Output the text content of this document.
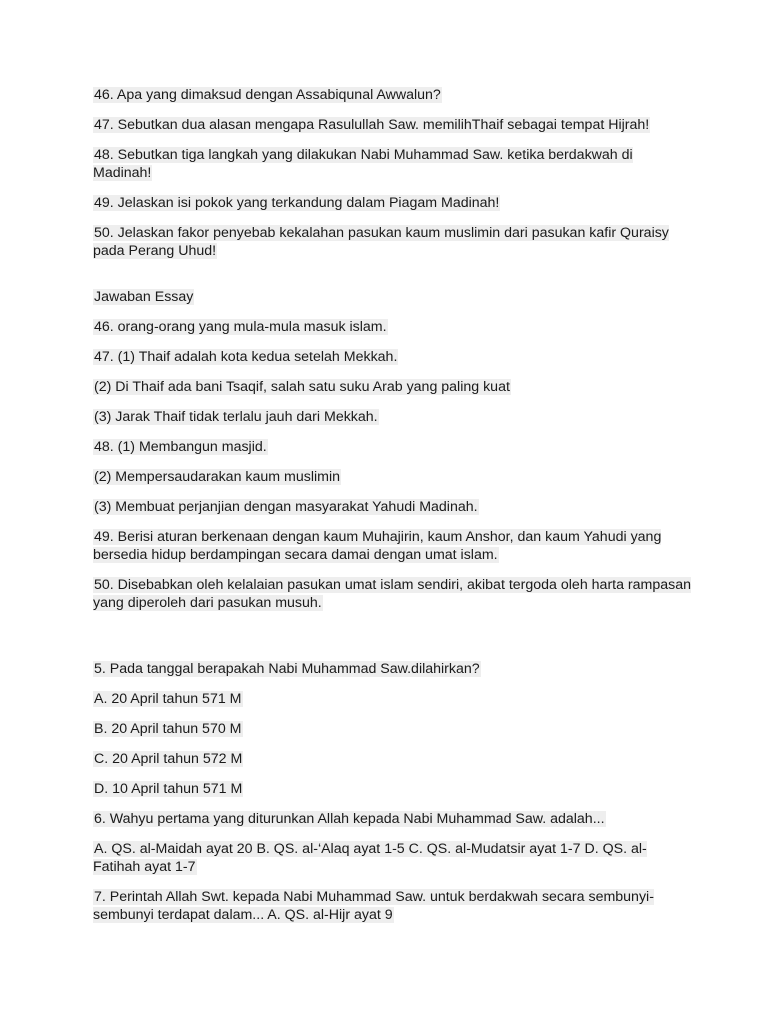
46. Apa yang dimaksud dengan Assabiqunal Awwalun?

47. Sebutkan dua alasan mengapa Rasulullah Saw. memilihThaif sebagai tempat Hijrah!

48. Sebutkan tiga langkah yang dilakukan Nabi Muhammad Saw. ketika berdakwah di Madinah!

49. Jelaskan isi pokok yang terkandung dalam Piagam Madinah!

50. Jelaskan fakor penyebab kekalahan pasukan kaum muslimin dari pasukan kafir Quraisy pada Perang Uhud!

Jawaban Essay

46. orang-orang yang mula-mula masuk islam.

47. (1) Thaif adalah kota kedua setelah Mekkah.

(2) Di Thaif ada bani Tsaqif, salah satu suku Arab yang paling kuat

(3) Jarak Thaif tidak terlalu jauh dari Mekkah.

48. (1) Membangun masjid.

(2) Mempersaudarakan kaum muslimin

(3) Membuat perjanjian dengan masyarakat Yahudi Madinah.

49. Berisi aturan berkenaan dengan kaum Muhajirin, kaum Anshor, dan kaum Yahudi yang bersedia hidup berdampingan secara damai dengan umat islam.

50. Disebabkan oleh kelalaian pasukan umat islam sendiri, akibat tergoda oleh harta rampasan yang diperoleh dari pasukan musuh.

5. Pada tanggal berapakah Nabi Muhammad Saw.dilahirkan?

A. 20 April tahun 571 M

B. 20 April tahun 570 M

C. 20 April tahun 572 M

D. 10 April tahun 571 M

6. Wahyu pertama yang diturunkan Allah kepada Nabi Muhammad Saw. adalah...

A. QS. al-Maidah ayat 20 B. QS. al-‘Alaq ayat 1-5 C. QS. al-Mudatsir ayat 1-7 D. QS. al-Fatihah ayat 1-7

7. Perintah Allah Swt. kepada Nabi Muhammad Saw. untuk berdakwah secara sembunyi-sembunyi terdapat dalam... A. QS. al-Hijr ayat 9
